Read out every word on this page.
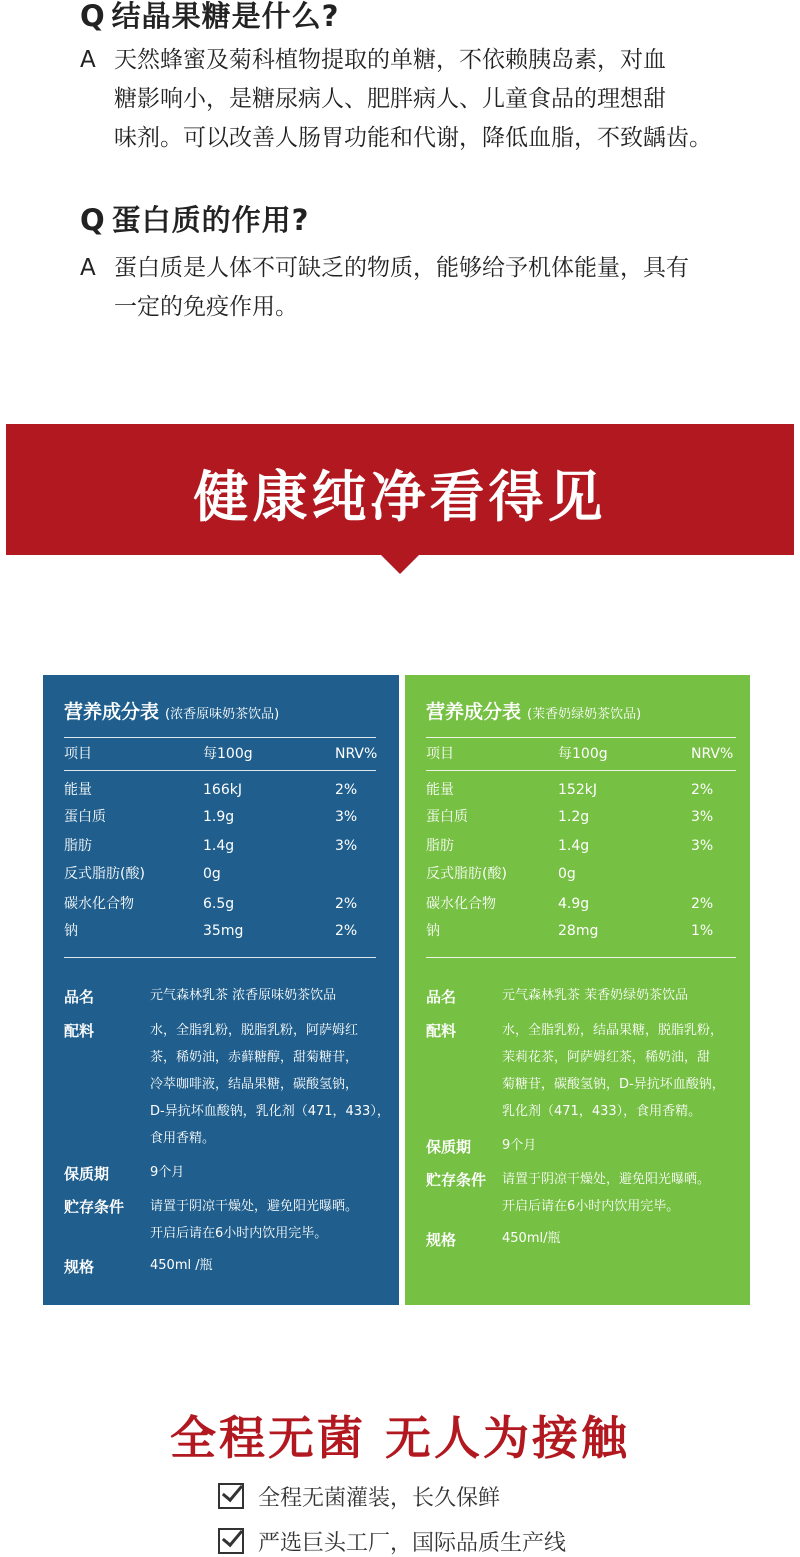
Q 结晶果糖是什么?
A 天然蜂蜜及菊科植物提取的单糖，不依赖胰岛素，对血
糖影响小，是糖尿病人、肥胖病人、儿童食品的理想甜
味剂。可以改善人肠胃功能和代谢，降低血脂，不致龋齿。
Q 蛋白质的作用?
A 蛋白质是人体不可缺乏的物质，能够给予机体能量，具有
一定的免疫作用。
健康纯净看得见
营养成分表 (浓香原味奶茶饮品)
项目	每100g	NRV%
能量	166kJ	2%
蛋白质	1.9g	3%
脂肪	1.4g	3%
反式脂肪(酸)	0g
碳水化合物	6.5g	2%
钠	35mg	2%
品名	元气森林乳茶 浓香原味奶茶饮品
配料	水，全脂乳粉，脱脂乳粉，阿萨姆红
茶，稀奶油，赤藓糖醇，甜菊糖苷，
冷萃咖啡液，结晶果糖，碳酸氢钠，
D-异抗坏血酸钠，乳化剂（471，433），
食用香精。
保质期	9个月
贮存条件 请置于阴凉干燥处，避免阳光曝晒。
开启后请在6小时内饮用完毕。
规格	450ml /瓶
营养成分表 (茉香奶绿奶茶饮品)
项目	每100g	NRV%
能量	152kJ	2%
蛋白质	1.2g	3%
脂肪	1.4g	3%
反式脂肪(酸)	0g
碳水化合物	4.9g	2%
钠	28mg	1%
品名	元气森林乳茶 茉香奶绿奶茶饮品
配料	水，全脂乳粉，结晶果糖，脱脂乳粉，
茉莉花茶，阿萨姆红茶，稀奶油，甜
菊糖苷，碳酸氢钠，D-异抗坏血酸钠，
乳化剂（471，433），食用香精。
保质期 9个月
贮存条件 请置于阴凉干燥处，避免阳光曝晒。
开启后请在6小时内饮用完毕。
规格	450ml/瓶
全程无菌 无人为接触
全程无菌灌装，长久保鲜
严选巨头工厂，国际品质生产线
